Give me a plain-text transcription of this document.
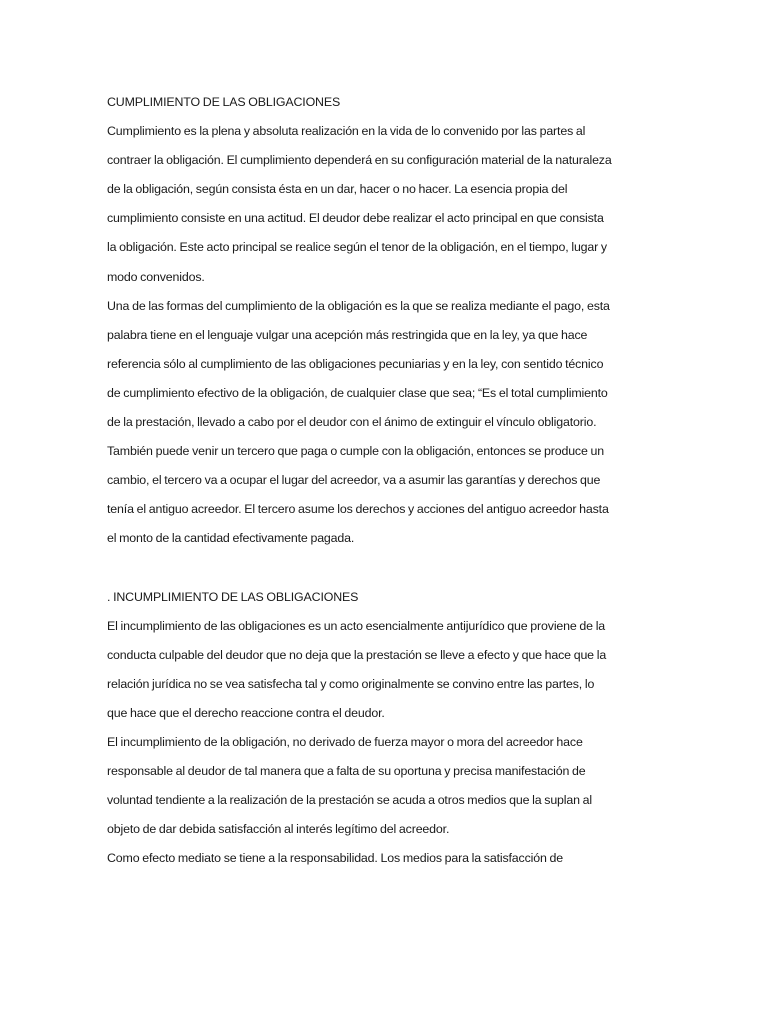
CUMPLIMIENTO DE LAS OBLIGACIONES

Cumplimiento es la plena y absoluta realización en la vida de lo convenido por las partes al contraer la obligación. El cumplimiento dependerá en su configuración material de la naturaleza de la obligación, según consista ésta en un dar, hacer o no hacer. La esencia propia del cumplimiento consiste en una actitud. El deudor debe realizar el acto principal en que consista la obligación. Este acto principal se realice según el tenor de la obligación, en el tiempo, lugar y modo convenidos.

Una de las formas del cumplimiento de la obligación es la que se realiza mediante el pago, esta palabra tiene en el lenguaje vulgar una acepción más restringida que en la ley, ya que hace referencia sólo al cumplimiento de las obligaciones pecuniarias y en la ley, con sentido técnico de cumplimiento efectivo de la obligación, de cualquier clase que sea; “Es el total cumplimiento de la prestación, llevado a cabo por el deudor con el ánimo de extinguir el vínculo obligatorio.

También puede venir un tercero que paga o cumple con la obligación, entonces se produce un cambio, el tercero va a ocupar el lugar del acreedor, va a asumir las garantías y derechos que tenía el antiguo acreedor. El tercero asume los derechos y acciones del antiguo acreedor hasta el monto de la cantidad efectivamente pagada.

. INCUMPLIMIENTO DE LAS OBLIGACIONES

El incumplimiento de las obligaciones es un acto esencialmente antijurídico que proviene de la conducta culpable del deudor que no deja que la prestación se lleve a efecto y que hace que la relación jurídica no se vea satisfecha tal y como originalmente se convino entre las partes, lo que hace que el derecho reaccione contra el deudor.

El incumplimiento de la obligación, no derivado de fuerza mayor o mora del acreedor hace responsable al deudor de tal manera que a falta de su oportuna y precisa manifestación de voluntad tendiente a la realización de la prestación se acuda a otros medios que la suplan al objeto de dar debida satisfacción al interés legítimo del acreedor.

Como efecto mediato se tiene a la responsabilidad. Los medios para la satisfacción de
